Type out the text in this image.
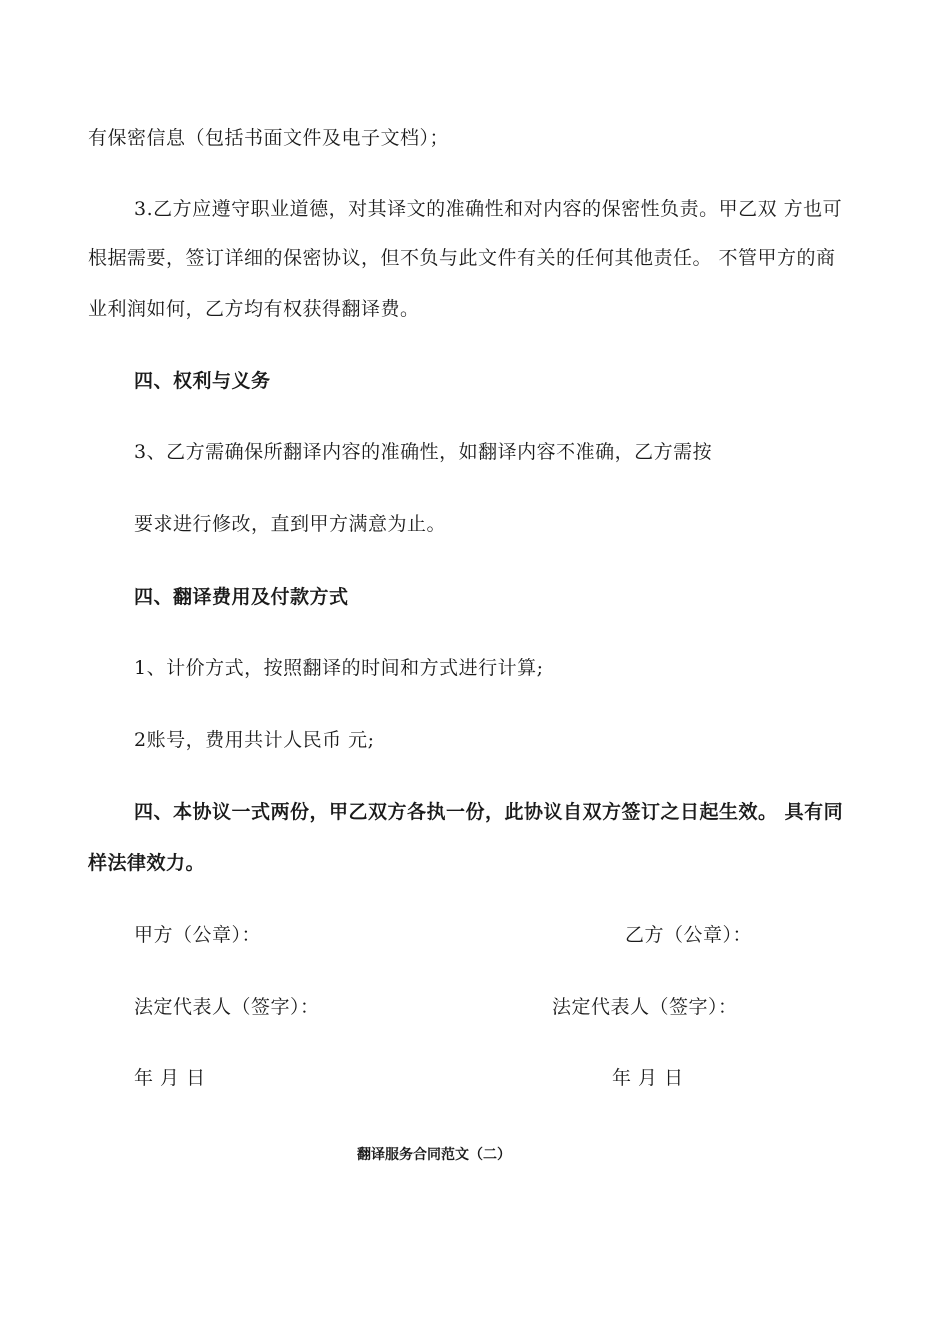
有保密信息（包括书面文件及电子文档）；
3.乙方应遵守职业道德，对其译文的准确性和对内容的保密性负责。甲乙双 方也可
根据需要，签订详细的保密协议，但不负与此文件有关的任何其他责任。 不管甲方的商
业利润如何，乙方均有权获得翻译费。
四、权利与义务
3、乙方需确保所翻译内容的准确性，如翻译内容不准确，乙方需按
要求进行修改，直到甲方满意为止。
四、翻译费用及付款方式
1、计价方式，按照翻译的时间和方式进行计算;
2账号，费用共计人民币 元;
四、本协议一式两份，甲乙双方各执一份，此协议自双方签订之日起生效。 具有同
样法律效力。
甲方（公章）：	乙方（公章）：
法定代表人（签字）：	法定代表人（签字）：
年 月 日	年 月 日
翻译服务合同范文（二）
